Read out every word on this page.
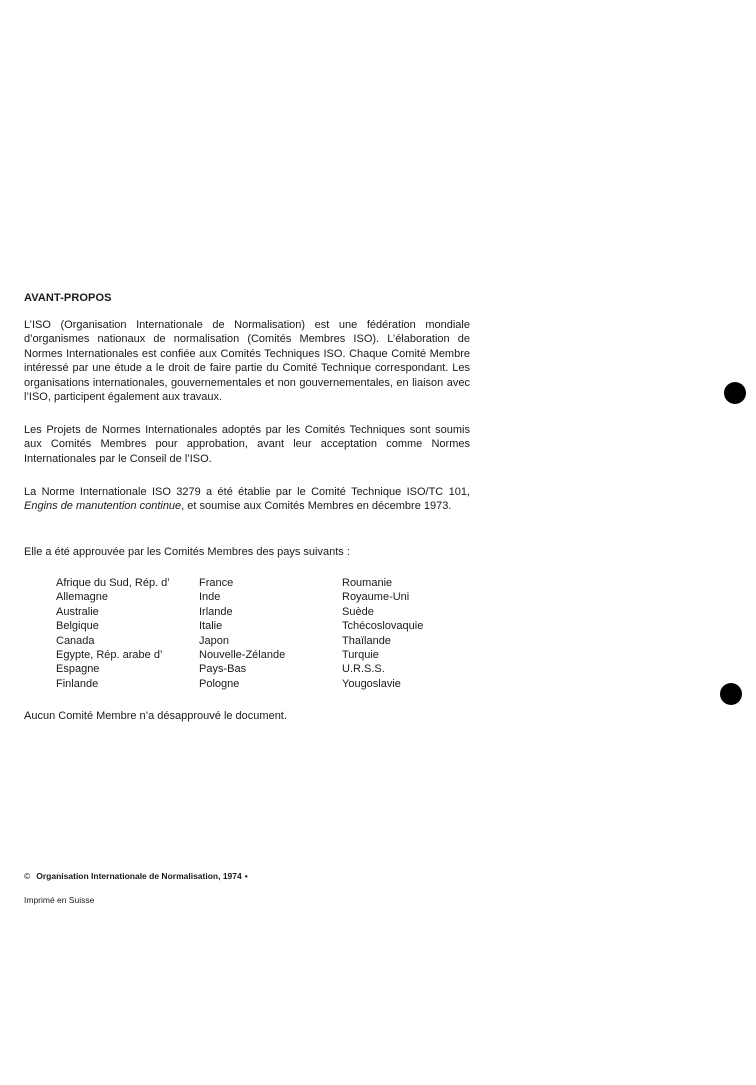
AVANT-PROPOS

L’ISO (Organisation Internationale de Normalisation) est une fédération mondiale d’organismes nationaux de normalisation (Comités Membres ISO). L’élaboration de Normes Internationales est confiée aux Comités Techniques ISO. Chaque Comité Membre intéressé par une étude a le droit de faire partie du Comité Technique correspondant. Les organisations internationales, gouvernementales et non gouvernementales, en liaison avec l’ISO, participent également aux travaux.

Les Projets de Normes Internationales adoptés par les Comités Techniques sont soumis aux Comités Membres pour approbation, avant leur acceptation comme Normes Internationales par le Conseil de l’ISO.

La Norme Internationale ISO 3279 a été établie par le Comité Technique ISO/TC 101, Engins de manutention continue, et soumise aux Comités Membres en décembre 1973.

Elle a été approuvée par les Comités Membres des pays suivants :

Afrique du Sud, Rép. d’
Allemagne
Australie
Belgique
Canada
Egypte, Rép. arabe d’
Espagne
Finlande
France
Inde
Irlande
Italie
Japon
Nouvelle-Zélande
Pays-Bas
Pologne
Roumanie
Royaume-Uni
Suède
Tchécoslovaquie
Thaïlande
Turquie
U.R.S.S.
Yougoslavie

Aucun Comité Membre n’a désapprouvé le document.

© Organisation Internationale de Normalisation, 1974 •
Imprimé en Suisse
